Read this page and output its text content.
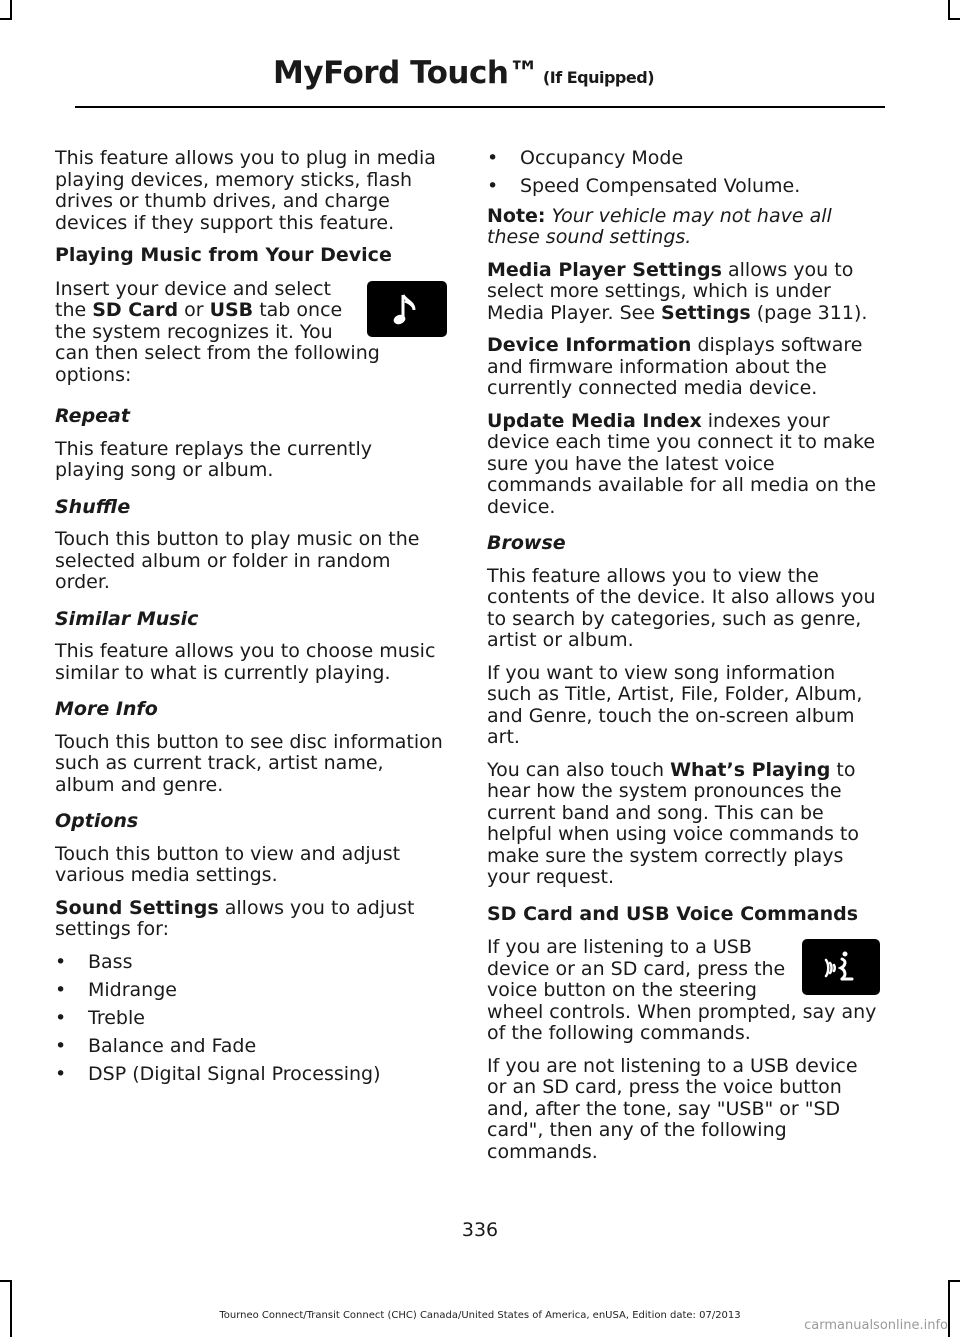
MyFord Touch™ (If Equipped)

This feature allows you to plug in media playing devices, memory sticks, flash drives or thumb drives, and charge devices if they support this feature.

Playing Music from Your Device

Insert your device and select the SD Card or USB tab once the system recognizes it. You can then select from the following options:

Repeat

This feature replays the currently playing song or album.

Shuffle

Touch this button to play music on the selected album or folder in random order.

Similar Music

This feature allows you to choose music similar to what is currently playing.

More Info

Touch this button to see disc information such as current track, artist name, album and genre.

Options

Touch this button to view and adjust various media settings.

Sound Settings allows you to adjust settings for:

• Bass
• Midrange
• Treble
• Balance and Fade
• DSP (Digital Signal Processing)
• Occupancy Mode
• Speed Compensated Volume.

Note: Your vehicle may not have all these sound settings.

Media Player Settings allows you to select more settings, which is under Media Player. See Settings (page 311).

Device Information displays software and firmware information about the currently connected media device.

Update Media Index indexes your device each time you connect it to make sure you have the latest voice commands available for all media on the device.

Browse

This feature allows you to view the contents of the device. It also allows you to search by categories, such as genre, artist or album.

If you want to view song information such as Title, Artist, File, Folder, Album, and Genre, touch the on-screen album art.

You can also touch What’s Playing to hear how the system pronounces the current band and song. This can be helpful when using voice commands to make sure the system correctly plays your request.

SD Card and USB Voice Commands

If you are listening to a USB device or an SD card, press the voice button on the steering wheel controls. When prompted, say any of the following commands.

If you are not listening to a USB device or an SD card, press the voice button and, after the tone, say "USB" or "SD card", then any of the following commands.

336
Tourneo Connect/Transit Connect (CHC) Canada/United States of America, enUSA, Edition date: 07/2013
carmanualsonline.info
